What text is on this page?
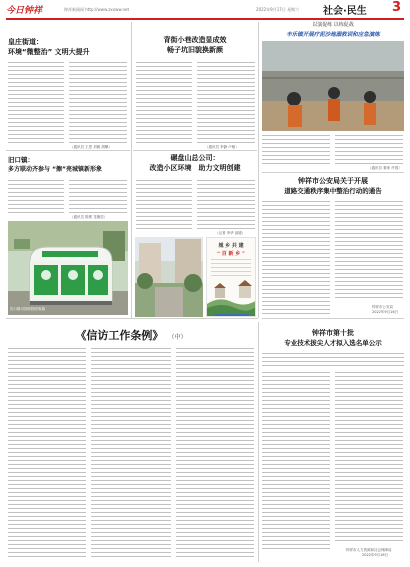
今日钟祥	钟祥新闻网 http://www.zxxww.net	2022年9月17日 星期六 社会·民生 3
皇庄街道：
环境“微整治” 文明大提升
（通讯员 王思 刘朝 胡攀）
旧口镇：
多方联动齐参与 “擦”亮城镇新形象
（通讯员 陈维 龙楷苗）
旧口镇可回收物回收箱
背街小巷改造显成效
畅子坑旧貌换新颜
（通讯员 李静 卢敏）
碾盘山总公司：
改造小区环境　助力文明创建
（记者 李华 邱媛）
城 乡 共 建
“ 百 新 乡 ”
以演促练 以练促战
丰乐镇开展疗泥沙地溺救训和应急演练
（通讯员 秦家 许国）
钟祥市公安局关于开展
道路交通秩序集中整治行动的通告
钟祥市公安局
2022年9月16日
钟祥市第十批
专业技术拔尖人才拟入选名单公示
钟祥市人力资源和社会保障局
2022年9月16日
《信访工作条例》 （中）
